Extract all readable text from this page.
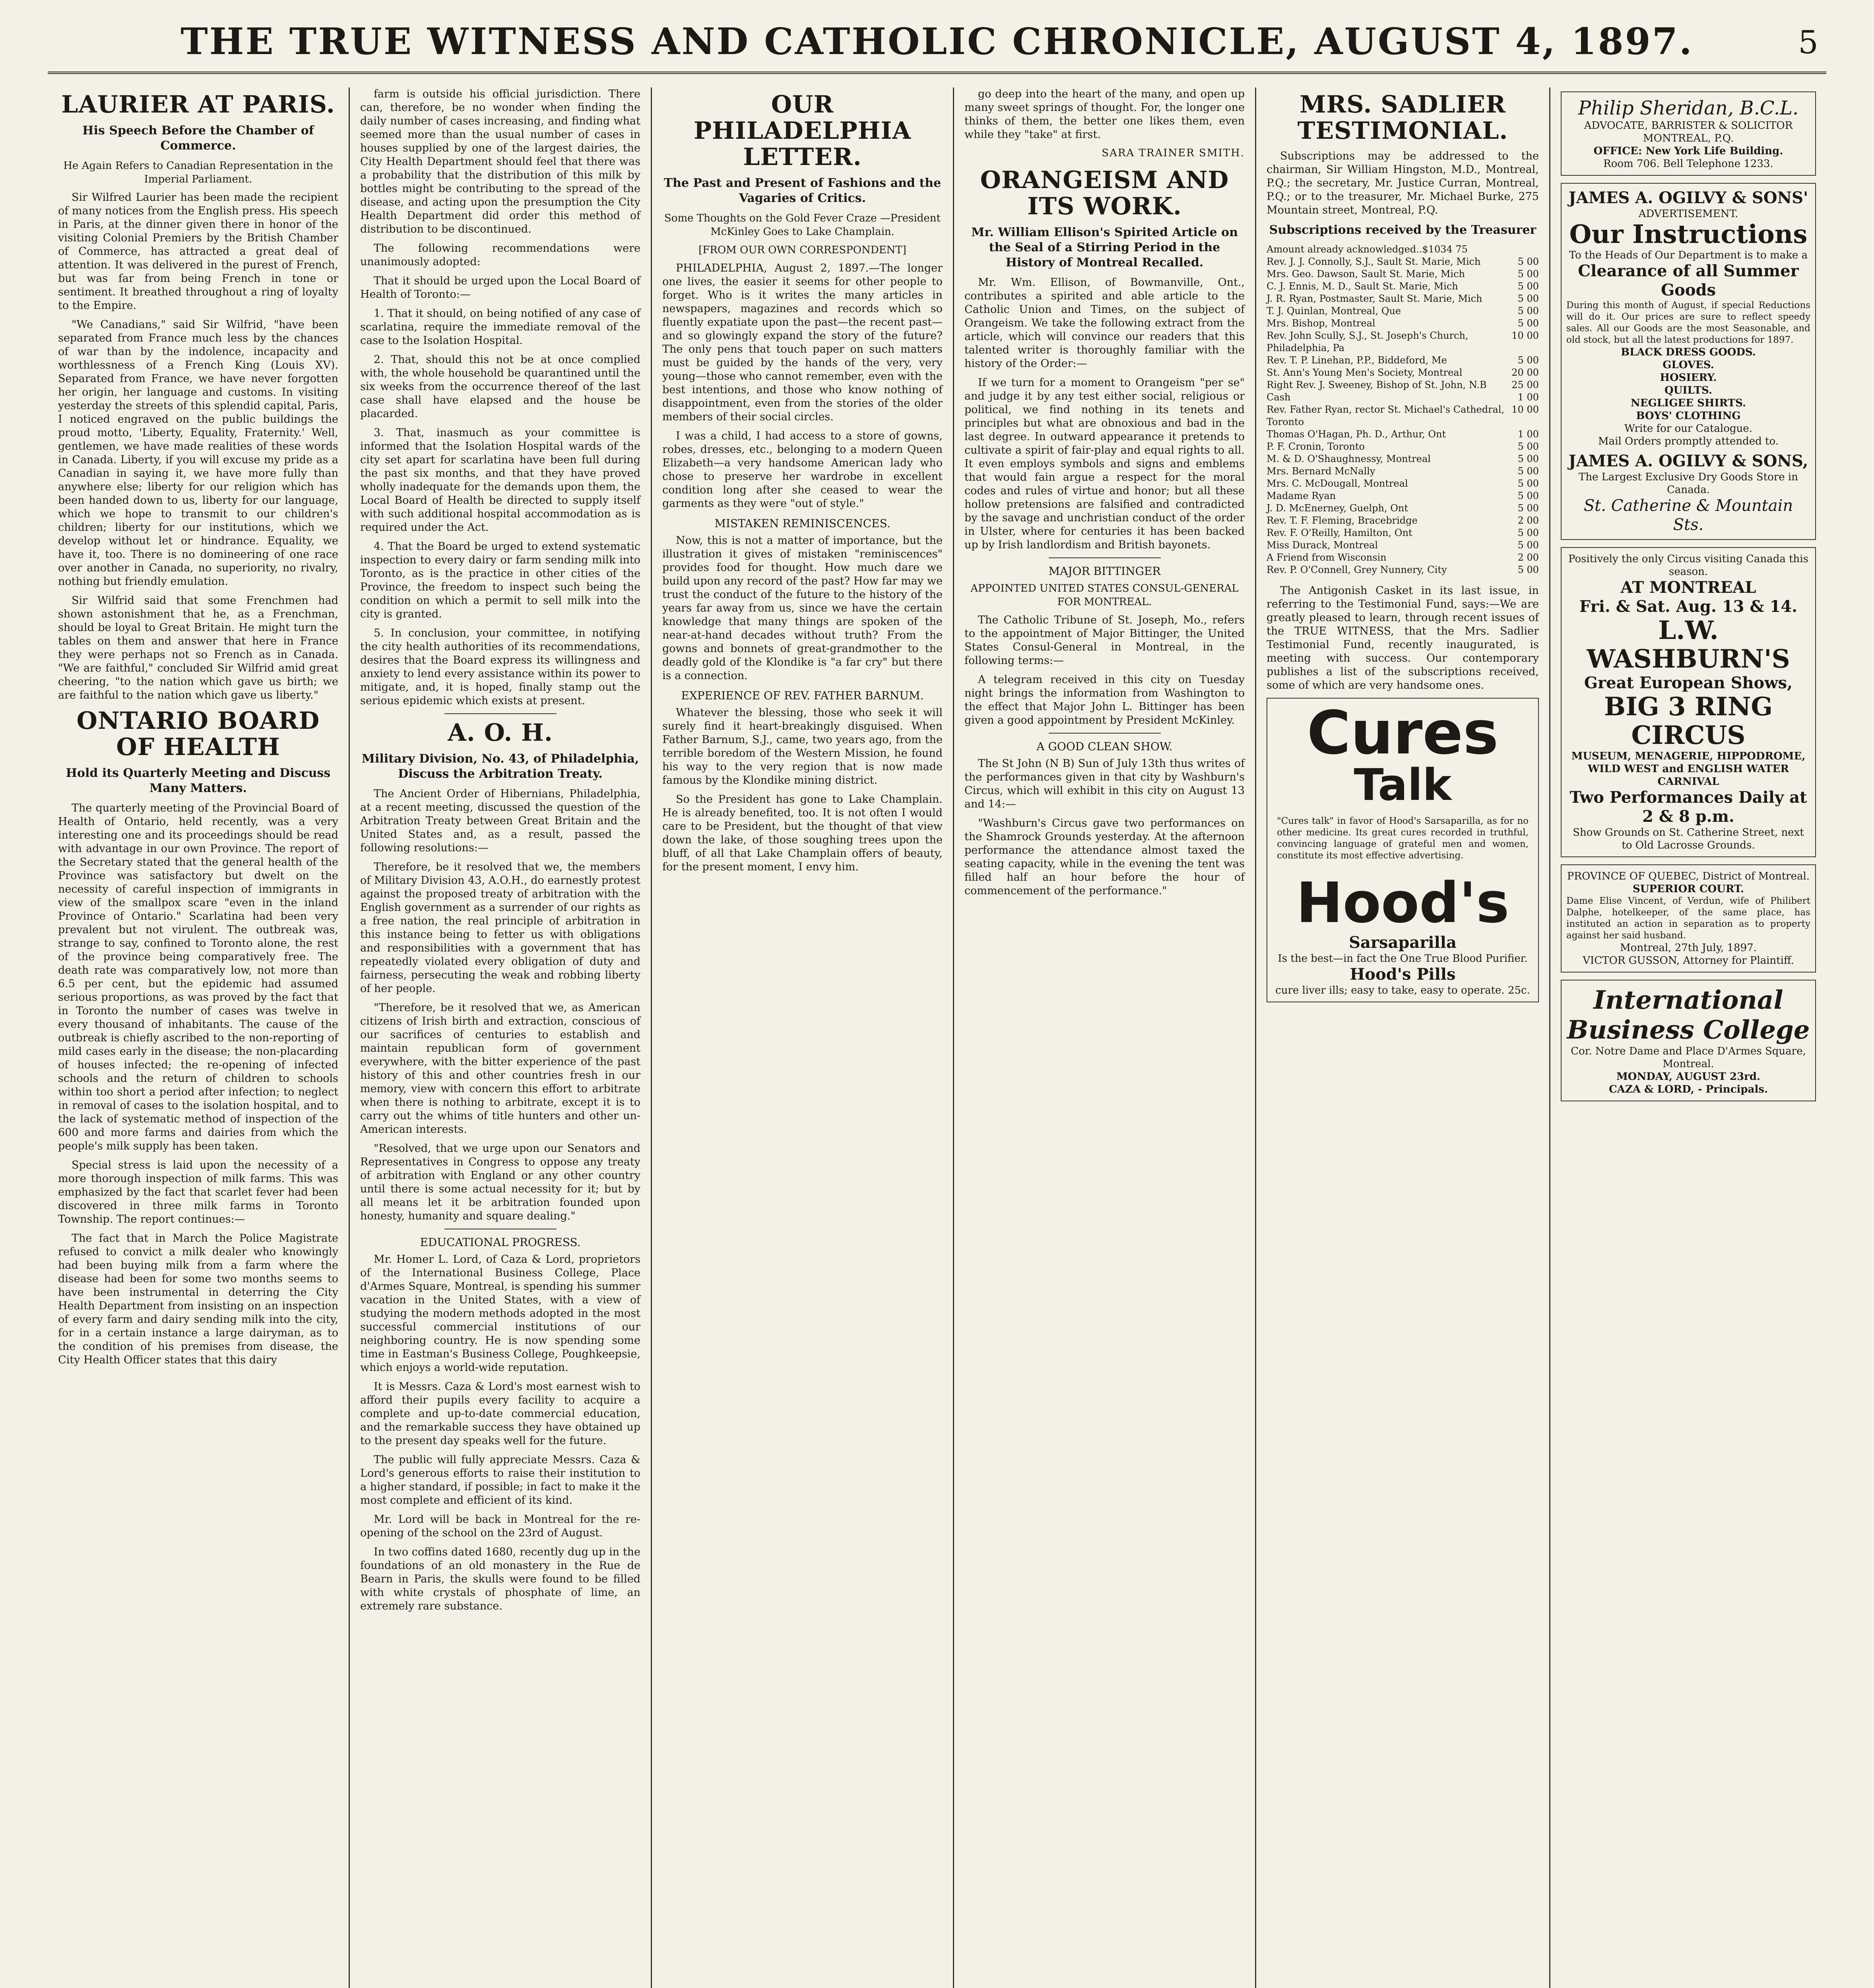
THE TRUE WITNESS AND CATHOLIC CHRONICLE, AUGUST 4, 1897.	5
LAURIER AT PARIS.
His Speech Before the Chamber of Commerce.
He Again Refers to Canadian Representation in the Imperial Parliament.

Sir Wilfred Laurier has been made the recipient of many notices from the English press. His speech in Paris, at the dinner given there in honor of the visiting Colonial Premiers by the British Chamber of Commerce, has attracted a great deal of attention. It was delivered in the purest of French, but was far from being French in tone or sentiment. It breathed throughout a ring of loyalty to the Empire.

"We Canadians," said Sir Wilfrid, "have been separated from France much less by the chances of war than by the indolence, incapacity and worthlessness of a French King (Louis XV). Separated from France, we have never forgotten her origin, her language and customs. In visiting yesterday the streets of this splendid capital, Paris, I noticed engraved on the public buildings the proud motto, 'Liberty, Equality, Fraternity.' Well, gentlemen, we have made realities of these words in Canada. Liberty, if you will excuse my pride as a Canadian in saying it, we have more fully than anywhere else; liberty for our religion which has been handed down to us, liberty for our language, which we hope to transmit to our children's children; liberty for our institutions, which we develop without let or hindrance. Equality, we have it, too. There is no domineering of one race over another in Canada, no superiority, no rivalry, nothing but friendly emulation.

Sir Wilfrid said that some Frenchmen had shown astonishment that he, as a Frenchman, should be loyal to Great Britain. He might turn the tables on them and answer that here in France they were perhaps not so French as in Canada. "We are faithful," concluded Sir Wilfrid amid great cheering, "to the nation which gave us birth; we are faithful to the nation which gave us liberty."

ONTARIO BOARD OF HEALTH
Hold its Quarterly Meeting and Discuss Many Matters.

The quarterly meeting of the Provincial Board of Health of Ontario, held recently, was a very interesting one and its proceedings should be read with advantage in our own Province. The report of the Secretary stated that the general health of the Province was satisfactory but dwelt on the necessity of careful inspection of immigrants in view of the smallpox scare "even in the inland Province of Ontario." Scarlatina had been very prevalent but not virulent. The outbreak was, strange to say, confined to Toronto alone, the rest of the province being comparatively free. The death rate was comparatively low, not more than 6.5 per cent, but the epidemic had assumed serious proportions, as was proved by the fact that in Toronto the number of cases was twelve in every thousand of inhabitants. The cause of the outbreak is chiefly ascribed to the non-reporting of mild cases early in the disease; the non-placarding of houses infected; the re-opening of infected schools and the return of children to schools within too short a period after infection; to neglect in removal of cases to the isolation hospital, and to the lack of systematic method of inspection of the 600 and more farms and dairies from which the people's milk supply has been taken.

Special stress is laid upon the necessity of a more thorough inspection of milk farms. This was emphasized by the fact that scarlet fever had been discovered in three milk farms in Toronto Township. The report continues:—

The fact that in March the Police Magistrate refused to convict a milk dealer who knowingly had been buying milk from a farm where the disease had been for some two months seems to have been instrumental in deterring the City Health Department from insisting on an inspection of every farm and dairy sending milk into the city, for in a certain instance a large dairyman, as to the condition of his premises from disease, the City Health Officer states that this dairy

farm is outside his official jurisdiction. There can, therefore, be no wonder when finding the daily number of cases increasing, and finding what seemed more than the usual number of cases in houses supplied by one of the largest dairies, the City Health Department should feel that there was a probability that the distribution of this milk by bottles might be contributing to the spread of the disease, and acting upon the presumption the City Health Department did order this method of distribution to be discontinued.

The following recommendations were unanimously adopted:

That it should be urged upon the Local Board of Health of Toronto:—

1. That it should, on being notified of any case of scarlatina, require the immediate removal of the case to the Isolation Hospital.

2. That, should this not be at once complied with, the whole household be quarantined until the six weeks from the occurrence thereof of the last case shall have elapsed and the house be placarded.

3. That, inasmuch as your committee is informed that the Isolation Hospital wards of the city set apart for scarlatina have been full during the past six months, and that they have proved wholly inadequate for the demands upon them, the Local Board of Health be directed to supply itself with such additional hospital accommodation as is required under the Act.

4. That the Board be urged to extend systematic inspection to every dairy or farm sending milk into Toronto, as is the practice in other cities of the Province, the freedom to inspect such being the condition on which a permit to sell milk into the city is granted.

5. In conclusion, your committee, in notifying the city health authorities of its recommendations, desires that the Board express its willingness and anxiety to lend every assistance within its power to mitigate, and, it is hoped, finally stamp out the serious epidemic which exists at present.

A. O. H.
Military Division, No. 43, of Philadelphia, Discuss the Arbitration Treaty.

The Ancient Order of Hibernians, Philadelphia, at a recent meeting, discussed the question of the Arbitration Treaty between Great Britain and the United States and, as a result, passed the following resolutions:—

Therefore, be it resolved that we, the members of Military Division 43, A.O.H., do earnestly protest against the proposed treaty of arbitration with the English government as a surrender of our rights as a free nation, the real principle of arbitration in this instance being to fetter us with obligations and responsibilities with a government that has repeatedly violated every obligation of duty and fairness, persecuting the weak and robbing liberty of her people.

"Therefore, be it resolved that we, as American citizens of Irish birth and extraction, conscious of our sacrifices of centuries to establish and maintain republican form of government everywhere, with the bitter experience of the past history of this and other countries fresh in our memory, view with concern this effort to arbitrate when there is nothing to arbitrate, except it is to carry out the whims of title hunters and other un-American interests.

"Resolved, that we urge upon our Senators and Representatives in Congress to oppose any treaty of arbitration with England or any other country until there is some actual necessity for it; but by all means let it be arbitration founded upon honesty, humanity and square dealing."

EDUCATIONAL PROGRESS.

Mr. Homer L. Lord, of Caza & Lord, proprietors of the International Business College, Place d'Armes Square, Montreal, is spending his summer vacation in the United States, with a view of studying the modern methods adopted in the most successful commercial institutions of our neighboring country. He is now spending some time in Eastman's Business College, Poughkeepsie, which enjoys a world-wide reputation.

It is Messrs. Caza & Lord's most earnest wish to afford their pupils every facility to acquire a complete and up-to-date commercial education, and the remarkable success they have obtained up to the present day speaks well for the future.

The public will fully appreciate Messrs. Caza & Lord's generous efforts to raise their institution to a higher standard, if possible; in fact to make it the most complete and efficient of its kind.

Mr. Lord will be back in Montreal for the re-opening of the school on the 23rd of August.

In two coffins dated 1680, recently dug up in the foundations of an old monastery in the Rue de Bearn in Paris, the skulls were found to be filled with white crystals of phosphate of lime, an extremely rare substance.

OUR PHILADELPHIA LETTER.
The Past and Present of Fashions and the Vagaries of Critics.
Some Thoughts on the Gold Fever Craze —President McKinley Goes to Lake Champlain.
[FROM OUR OWN CORRESPONDENT]

PHILADELPHIA, August 2, 1897.—The longer one lives, the easier it seems for other people to forget. Who is it writes the many articles in newspapers, magazines and records which so fluently expatiate upon the past—the recent past—and so glowingly expand the story of the future? The only pens that touch paper on such matters must be guided by the hands of the very, very young—those who cannot remember, even with the best intentions, and those who know nothing of disappointment, even from the stories of the older members of their social circles.

I was a child, I had access to a store of gowns, robes, dresses, etc., belonging to a modern Queen Elizabeth—a very handsome American lady who chose to preserve her wardrobe in excellent condition long after she ceased to wear the garments as they were "out of style."

MISTAKEN REMINISCENCES.

Now, this is not a matter of importance, but the illustration it gives of mistaken "reminiscences" provides food for thought. How much dare we build upon any record of the past? How far may we trust the conduct of the future to the history of the years far away from us, since we have the certain knowledge that many things are spoken of the near-at-hand decades without truth? From the gowns and bonnets of great-grandmother to the deadly gold of the Klondike is "a far cry" but there is a connection.

EXPERIENCE OF REV. FATHER BARNUM.

Whatever the blessing, those who seek it will surely find it heart-breakingly disguised. When Father Barnum, S.J., came, two years ago, from the terrible boredom of the Western Mission, he found his way to the very region that is now made famous by the Klondike mining district.

So the President has gone to Lake Champlain. He is already benefited, too. It is not often I would care to be President, but the thought of that view down the lake, of those soughing trees upon the bluff, of all that Lake Champlain offers of beauty, for the present moment, I envy him.

go deep into the heart of the many, and open up many sweet springs of thought. For, the longer one thinks of them, the better one likes them, even while they "take" at first.

SARA TRAINER SMITH.
ORANGEISM AND ITS WORK.
Mr. William Ellison's Spirited Article on the Seal of a Stirring Period in the History of Montreal Recalled.

Mr. Wm. Ellison, of Bowmanville, Ont., contributes a spirited and able article to the Catholic Union and Times, on the subject of Orangeism. We take the following extract from the article, which will convince our readers that this talented writer is thoroughly familiar with the history of the Order:—

If we turn for a moment to Orangeism "per se" and judge it by any test either social, religious or political, we find nothing in its tenets and principles but what are obnoxious and bad in the last degree. In outward appearance it pretends to cultivate a spirit of fair-play and equal rights to all. It even employs symbols and signs and emblems that would fain argue a respect for the moral codes and rules of virtue and honor; but all these hollow pretensions are falsified and contradicted by the savage and unchristian conduct of the order in Ulster, where for centuries it has been backed up by Irish landlordism and British bayonets.

MAJOR BITTINGER
APPOINTED UNITED STATES CONSUL-GENERAL FOR MONTREAL.

The Catholic Tribune of St. Joseph, Mo., refers to the appointment of Major Bittinger, the United States Consul-General in Montreal, in the following terms:—

A telegram received in this city on Tuesday night brings the information from Washington to the effect that Major John L. Bittinger has been given a good appointment by President McKinley.

A GOOD CLEAN SHOW.

The St John (N B) Sun of July 13th thus writes of the performances given in that city by Washburn's Circus, which will exhibit in this city on August 13 and 14:—

"Washburn's Circus gave two performances on the Shamrock Grounds yesterday. At the afternoon performance the attendance almost taxed the seating capacity, while in the evening the tent was filled half an hour before the hour of commencement of the performance."

MRS. SADLIER TESTIMONIAL.

Subscriptions may be addressed to the chairman, Sir William Hingston, M.D., Montreal, P.Q.; the secretary, Mr. Justice Curran, Montreal, P.Q.; or to the treasurer, Mr. Michael Burke, 275 Mountain street, Montreal, P.Q.

Subscriptions received by the Treasurer
Amount already acknowledged..$1034 75
Rev. J. J. Connolly, S.J., Sault St. Marie, Mich	5 00
Mrs. Geo. Dawson, Sault St. Marie, Mich	5 00
C. J. Ennis, M. D., Sault St. Marie, Mich	5 00
J. R. Ryan, Postmaster, Sault St. Marie, Mich	5 00
T. J. Quinlan, Montreal, Que	5 00
Mrs. Bishop, Montreal	5 00
Rev. John Scully, S.J., St. Joseph's Church, Philadelphia, Pa
10 00
Rev. T. P. Linehan, P.P., Biddeford, Me	5 00
St. Ann's Young Men's Society, Montreal	20 00
Right Rev. J. Sweeney, Bishop of St. John, N.B	25 00
Cash	1 00
Rev. Father Ryan, rector St. Michael's Cathedral, Toronto
10 00
Thomas O'Hagan, Ph. D., Arthur, Ont	1 00
P. F. Cronin, Toronto	5 00
M. & D. O'Shaughnessy, Montreal	5 00
Mrs. Bernard McNally	5 00
Mrs. C. McDougall, Montreal	5 00
Madame Ryan	5 00
J. D. McEnerney, Guelph, Ont	5 00
Rev. T. F. Fleming, Bracebridge	2 00
Rev. F. O'Reilly, Hamilton, Ont	5 00
Miss Durack, Montreal	5 00
A Friend from Wisconsin	2 00
Rev. P. O'Connell, Grey Nunnery, City	5 00

The Antigonish Casket in its last issue, in referring to the Testimonial Fund, says:—We are greatly pleased to learn, through recent issues of the TRUE WITNESS, that the Mrs. Sadlier Testimonial Fund, recently inaugurated, is meeting with success. Our contemporary publishes a list of the subscriptions received, some of which are very handsome ones.

Cures
Talk
"Cures talk" in favor of Hood's Sarsaparilla, as for no other medicine. Its great cures recorded in truthful, convincing language of grateful men and women, constitute its most effective advertising.
Hood's
Sarsaparilla
Is the best—in fact the One True Blood Purifier.
Hood's Pills
cure liver ills; easy to take, easy to operate. 25c.
Philip Sheridan, B.C.L.
ADVOCATE, BARRISTER & SOLICITOR
MONTREAL, P.Q.
OFFICE: New York Life Building.
Room 706. Bell Telephone 1233.
JAMES A. OGILVY & SONS'
ADVERTISEMENT.
Our Instructions
To the Heads of Our Department is to make a
Clearance of all Summer Goods
During this month of August, if special Reductions will do it. Our prices are sure to reflect speedy sales. All our Goods are the most Seasonable, and old stock, but all the latest productions for 1897.
BLACK DRESS GOODS.
GLOVES.
HOSIERY.
QUILTS.
NEGLIGEE SHIRTS.
BOYS' CLOTHING
Write for our Catalogue.
Mail Orders promptly attended to.
JAMES A. OGILVY & SONS,
The Largest Exclusive Dry Goods Store in Canada.
St. Catherine & Mountain Sts.
Positively the only Circus visiting Canada this season.
AT MONTREAL
Fri. & Sat. Aug. 13 & 14.
L.W. WASHBURN'S
Great European Shows,
BIG 3 RING CIRCUS
MUSEUM, MENAGERIE, HIPPODROME, WILD WEST and ENGLISH WATER CARNIVAL
Two Performances Daily at 2 & 8 p.m.
Show Grounds on St. Catherine Street, next to Old Lacrosse Grounds.
PROVINCE OF QUEBEC, District of Montreal.
SUPERIOR COURT.
Dame Elise Vincent, of Verdun, wife of Philibert Dalphe, hotelkeeper, of the same place, has instituted an action in separation as to property against her said husband.
Montreal, 27th July, 1897.
VICTOR GUSSON, Attorney for Plaintiff.
International Business College
Cor. Notre Dame and Place D'Armes Square, Montreal.
MONDAY, AUGUST 23rd.
CAZA & LORD, - Principals.
